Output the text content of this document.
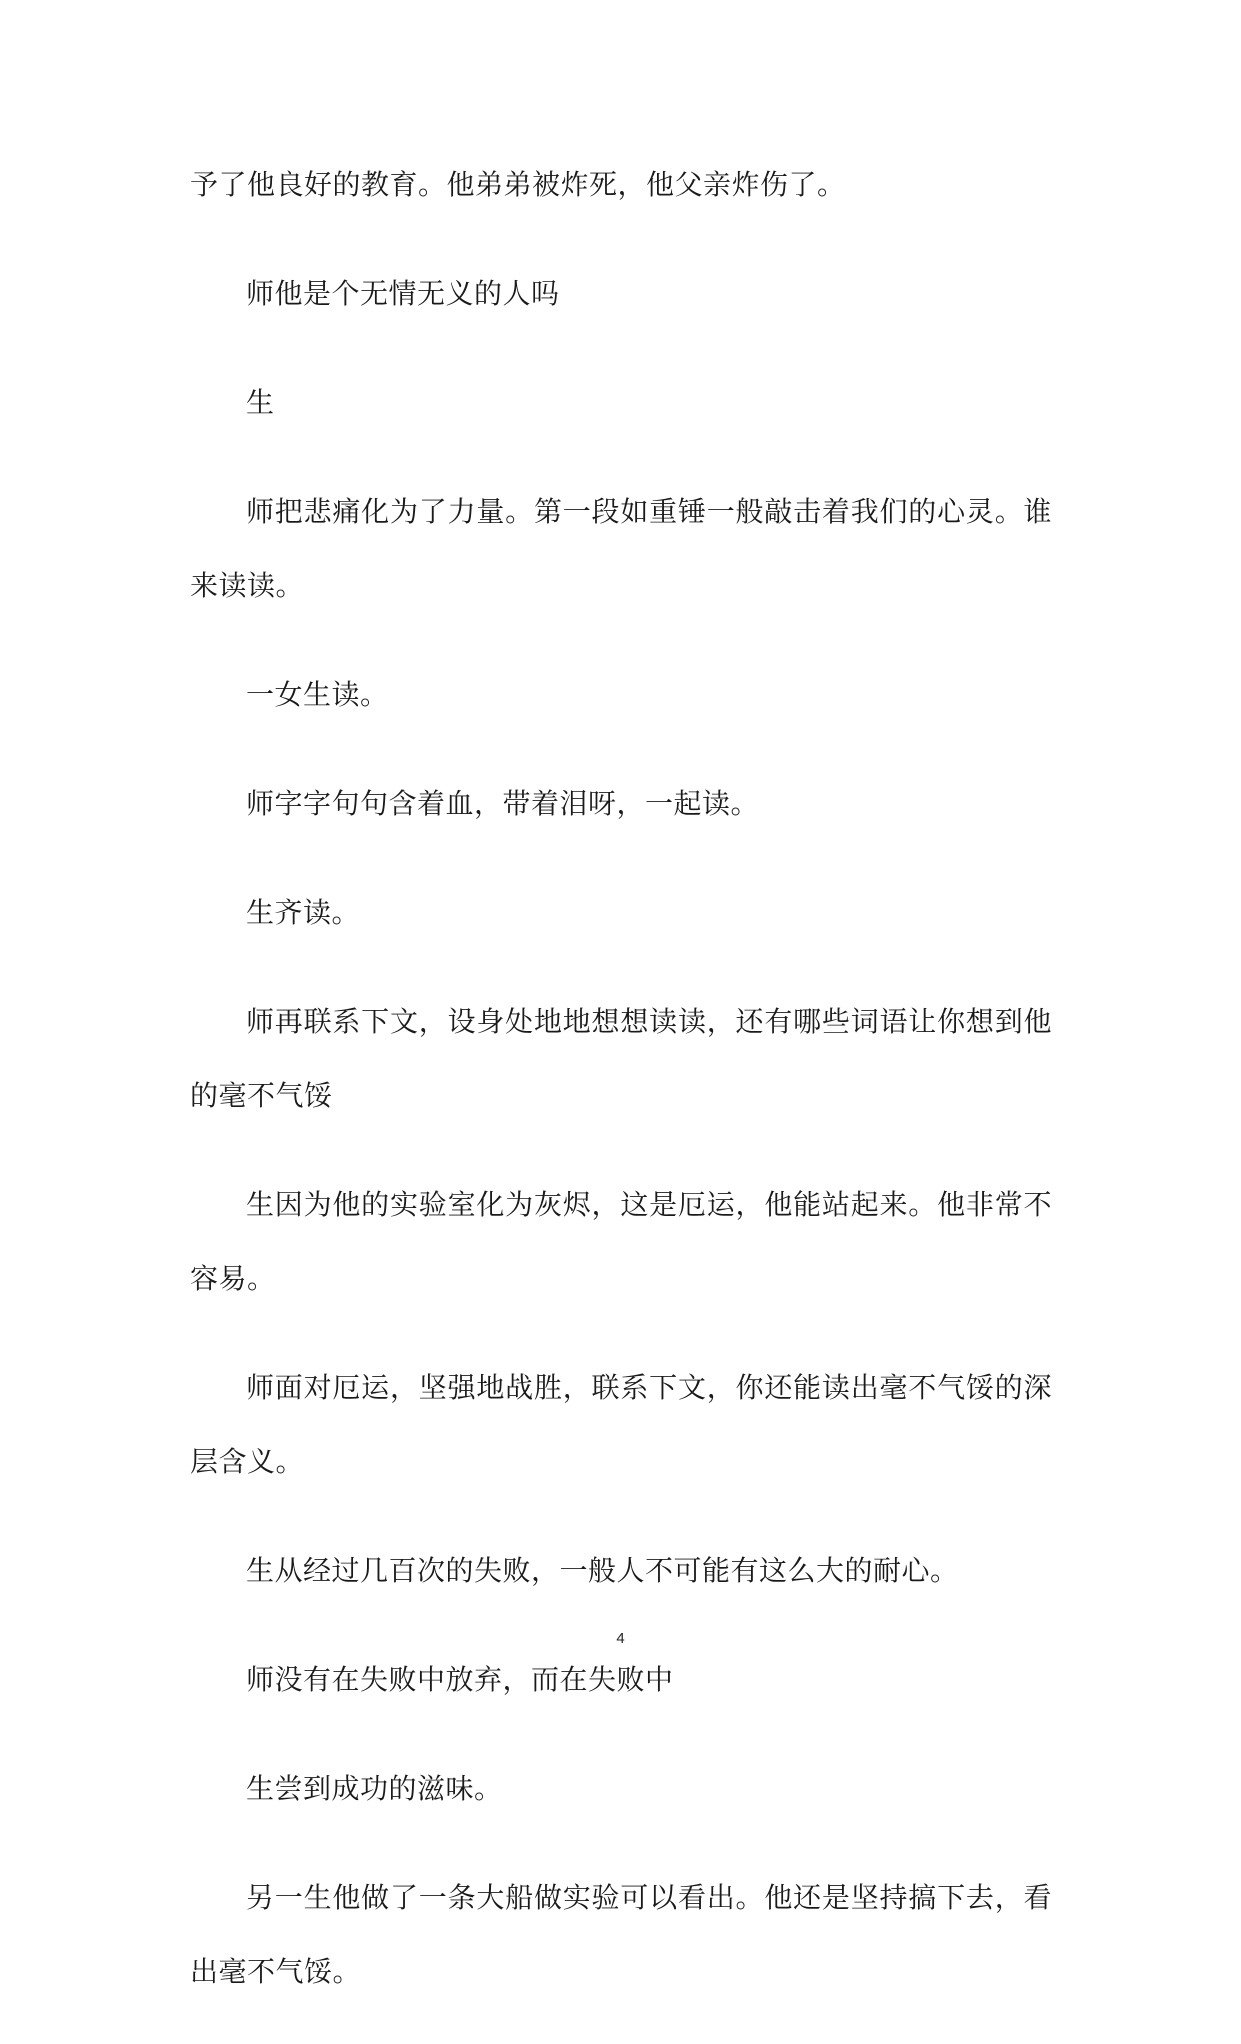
予了他良好的教育。他弟弟被炸死，他父亲炸伤了。

师他是个无情无义的人吗

生

师把悲痛化为了力量。第一段如重锤一般敲击着我们的心灵。谁来读读。

一女生读。

师字字句句含着血，带着泪呀，一起读。

生齐读。

师再联系下文，设身处地地想想读读，还有哪些词语让你想到他的毫不气馁

生因为他的实验室化为灰烬，这是厄运，他能站起来。他非常不容易。

师面对厄运，坚强地战胜，联系下文，你还能读出毫不气馁的深层含义。

生从经过几百次的失败，一般人不可能有这么大的耐心。

师没有在失败中放弃，而在失败中

生尝到成功的滋味。

另一生他做了一条大船做实验可以看出。他还是坚持搞下去，看出毫不气馁。

4
